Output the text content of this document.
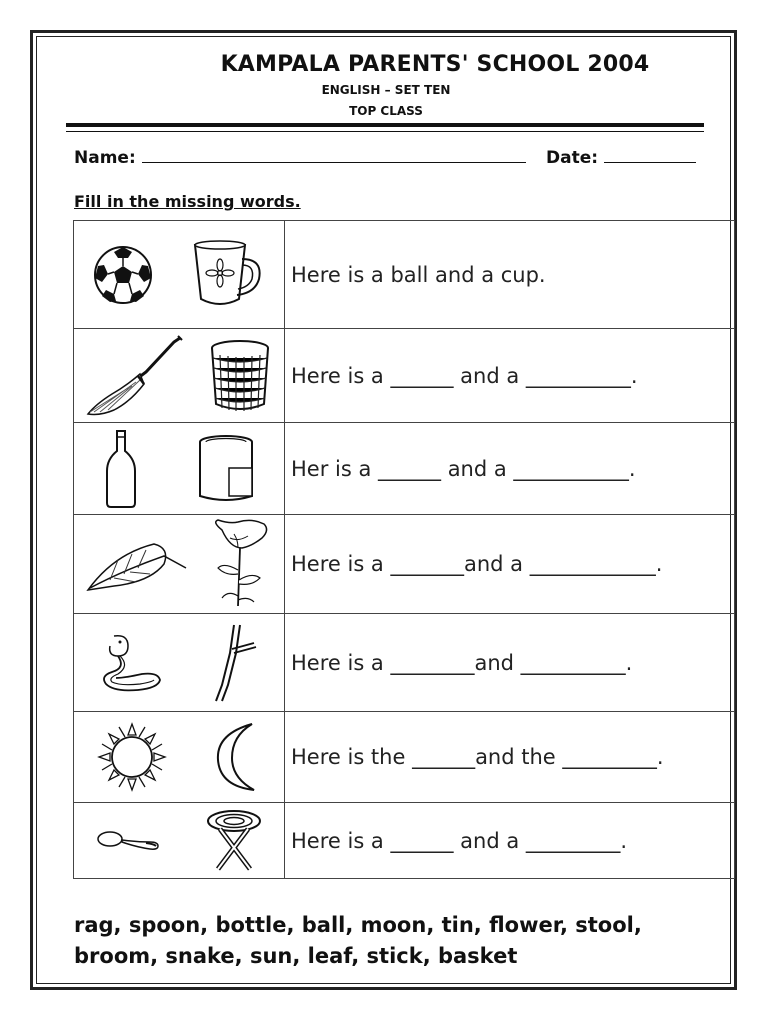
KAMPALA PARENTS' SCHOOL 2004
ENGLISH – SET TEN
TOP CLASS
Name:	Date:
Fill in the missing words.
	Here is a ball and a cup.

	Here is a ______ and a __________.

	Her is a ______ and a ___________.

	Here is a _______and a ____________.

	Here is a ________and __________.

	Here is the ______and the _________.

	Here is a ______ and a _________.
rag, spoon, bottle, ball, moon, tin, flower, stool,
broom, snake, sun, leaf, stick, basket
